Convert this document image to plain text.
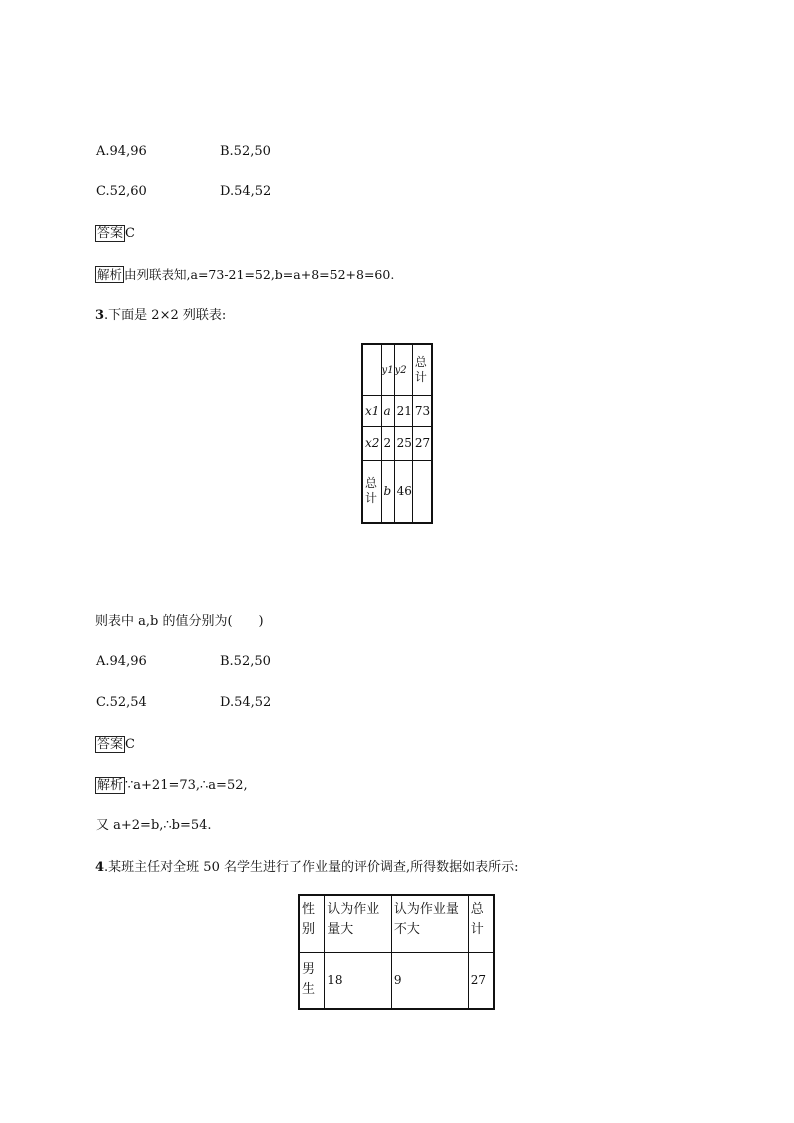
A.94,96	B.52,50
C.52,60	D.54,52
答案 C
解析 由列联表知,a=73-21=52,b=a+8=52+8=60.
3.下面是 2×2 列联表:
	y1	y2	总计
x1	a	21	73
x2	2	25	27
总计	b	46	
则表中 a,b 的值分别为(　　)
A.94,96	B.52,50
C.52,54	D.54,52
答案 C
解析 ∵a+21=73,∴a=52,
又 a+2=b,∴b=54.
4.某班主任对全班 50 名学生进行了作业量的评价调查,所得数据如表所示:
性别	认为作业量大	认为作业量不大	总计
男生	18	9	27
